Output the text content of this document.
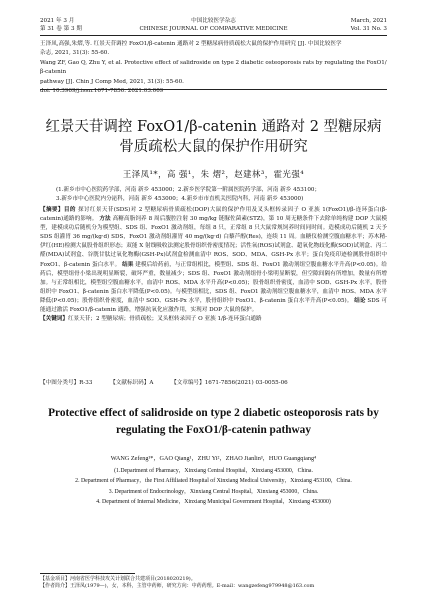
2021 年 3 月	中国比较医学杂志	March, 2021
第 31 卷 第 3 期	CHINESE JOURNAL OF COMPARATIVE MEDICINE	Vol. 31 No. 3
王泽凤,高强,朱熠,等. 红景天苷调控 FoxO1/β-catenin 通路对 2 型糖尿病骨质疏松大鼠的保护作用研究 [J]. 中国比较医学
杂志, 2021, 31(3): 55-60.
Wang ZF, Gao Q, Zhu Y, et al. Protective effect of salidroside on type 2 diabetic osteoporosis rats by regulating the FoxO1/β-catenin
pathway [J]. Chin J Comp Med, 2021, 31(3): 55-60.
doi: 10.3969/j.issn.1671-7856. 2021.03.009
红景天苷调控 FoxO1/β-catenin 通路对 2 型糖尿病
骨质疏松大鼠的保护作用研究
王泽凤¹*，高 强¹，朱 熠²，赵建林³，霍光强⁴
(1.新乡市中心医院药学部，河南 新乡 453000；2.新乡医学院第一附属医院药学部，河南 新乡 453100；
3.新乡市中心医院内分泌科，河南 新乡 453000；4.新乡市市直机关医院内科，河南 新乡 453000)
【摘要】目的 探讨红景天苷(SDS)对 2 型糖尿病骨质疏松(DOP)大鼠的保护作用及叉头框转录因子 O 亚族 1(FoxO1)/β-连环蛋白(β-catenin)通路的影响。 方法 高糖高脂饲养 8 周后腹腔注射 30 mg/kg 链脲佐菌素(STZ)，第 10 周无糖条件下去除单纯构建 DOP 大鼠模型，建模成功后随机分为模型组、SDS 组、FoxO1 激动剂组，每组 8 只，正常组 8 只大鼠常规饲养时间同时间。造模成功后随机 2 天予 SDS 组灌胃 36 mg/(kg·d) SDS，FoxO1 激动剂组灌胃 40 mg/(kg·d) 白藜芦醇(Res)，连续 11 周。血糖仪检测空腹血糖水平；苏木精-伊红(HE)检测大鼠股骨组织形态；双能 X 射线吸收法测定股骨组织骨密度情况；活性氧(ROS)试剂盒、超氧化物歧化酶(SOD)试剂盒、丙二醛(MDA)试剂盒、谷胱甘肽过氧化物酶(GSH-Px)试剂盒检测血清中 ROS、SOD、MDA、GSH-Px 水平；蛋白免疫印迹检测股骨组织中 FoxO1、β-catenin 蛋白水平。 结果 建模后给药前，与正常组相比，模型组、SDS 组、FoxO1 激动剂组空腹血糖水平升高(P<0.05)。给药后，模型组骨小梁出现明显断裂，破坏严重，数量减少；SDS 组、FoxO1 激动剂组骨小梁明显断裂，但空隙间隔有所增加，数量有所增加。与正常组相比，模型组空腹血糖水平，血清中 ROS、MDA 水平升高(P<0.05)；股骨组织骨密度，血清中 SOD、GSH-Px 水平，股骨组织中 FoxO1、β-catenin 蛋白水平降低(P<0.05)。与模型组相比，SDS 组、FoxO1 激动剂组空腹血糖水平，血清中 ROS、MDA 水平降低(P<0.05)；股骨组织骨密度，血清中 SOD、GSH-Px 水平，股骨组织中 FoxO1、β-catenin 蛋白水平升高(P<0.05)。 结论 SDS 可能通过激活 FoxO1/β-catenin 通路，增强抗氧化应激作用，实现对 DOP 大鼠的保护。
【关键词】红景天苷；2 型糖尿病；骨质疏松；叉头框转录因子 O 亚族 1/β-连环蛋白通路
【中图分类号】R-33	【文献标识码】A	【文章编号】1671-7856(2021) 03-0055-06
Protective effect of salidroside on type 2 diabetic osteoporosis rats by
regulating the FoxO1/β-catenin pathway
WANG Zefeng¹*，GAO Qiang¹，ZHU Yi²，ZHAO Jianlin³，HUO Guangqiang⁴
(1.Department of Pharmacy，Xinxiang Central Hospital，Xinxiang 453000，China.
2. Department of Pharmacy，the First Affiliated Hospital of Xinxiang Medical University，Xinxiang 453100，China.
3. Department of Endocrinology，Xinxiang Central Hospital，Xinxiang 453000，China.
4. Department of Internal Medicine，Xinxiang Municipal Government Hospital，Xinxiang 453000)
【基金项目】河南省医学科技攻关计划联合共建项目(2018020219)。
【作者简介】王泽凤(1979—)，女，本科，主管中药师，研究方向：中药药理。E-mail：wangzefeng979948@163.com
